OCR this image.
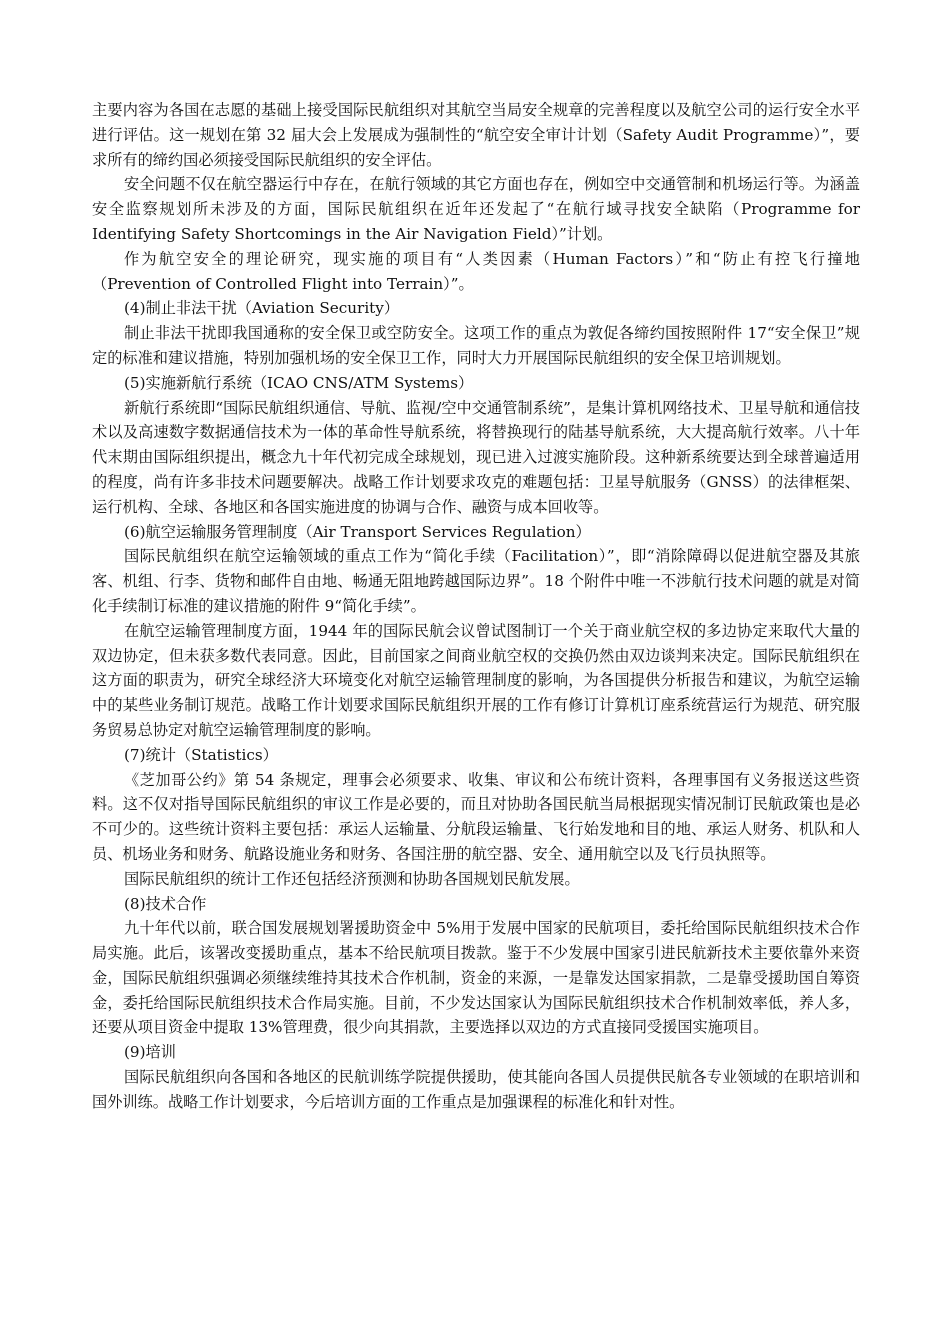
主要内容为各国在志愿的基础上接受国际民航组织对其航空当局安全规章的完善程度以及航空公司的运行安全水平进行评估。这一规划在第 32 届大会上发展成为强制性的“航空安全审计计划（Safety Audit Programme）”，要求所有的缔约国必须接受国际民航组织的安全评估。

安全问题不仅在航空器运行中存在，在航行领域的其它方面也存在，例如空中交通管制和机场运行等。为涵盖安全监察规划所未涉及的方面，国际民航组织在近年还发起了“在航行域寻找安全缺陷（Programme for Identifying Safety Shortcomings in the Air Navigation Field）”计划。

作为航空安全的理论研究，现实施的项目有“人类因素（Human Factors）”和“防止有控飞行撞地（Prevention of Controlled Flight into Terrain）”。

(4)制止非法干扰（Aviation Security）

制止非法干扰即我国通称的安全保卫或空防安全。这项工作的重点为敦促各缔约国按照附件 17“安全保卫”规定的标准和建议措施，特别加强机场的安全保卫工作，同时大力开展国际民航组织的安全保卫培训规划。

(5)实施新航行系统（ICAO CNS/ATM Systems）

新航行系统即“国际民航组织通信、导航、监视/空中交通管制系统”，是集计算机网络技术、卫星导航和通信技术以及高速数字数据通信技术为一体的革命性导航系统，将替换现行的陆基导航系统，大大提高航行效率。八十年代末期由国际组织提出，概念九十年代初完成全球规划，现已进入过渡实施阶段。这种新系统要达到全球普遍适用的程度，尚有许多非技术问题要解决。战略工作计划要求攻克的难题包括：卫星导航服务（GNSS）的法律框架、运行机构、全球、各地区和各国实施进度的协调与合作、融资与成本回收等。

(6)航空运输服务管理制度（Air Transport Services Regulation）

国际民航组织在航空运输领域的重点工作为“简化手续（Facilitation）”，即“消除障碍以促进航空器及其旅客、机组、行李、货物和邮件自由地、畅通无阻地跨越国际边界”。18 个附件中唯一不涉航行技术问题的就是对简化手续制订标准的建议措施的附件 9“简化手续”。

在航空运输管理制度方面，1944 年的国际民航会议曾试图制订一个关于商业航空权的多边协定来取代大量的双边协定，但未获多数代表同意。因此，目前国家之间商业航空权的交换仍然由双边谈判来决定。国际民航组织在这方面的职责为，研究全球经济大环境变化对航空运输管理制度的影响，为各国提供分析报告和建议，为航空运输中的某些业务制订规范。战略工作计划要求国际民航组织开展的工作有修订计算机订座系统营运行为规范、研究服务贸易总协定对航空运输管理制度的影响。

(7)统计（Statistics）

《芝加哥公约》第 54 条规定，理事会必须要求、收集、审议和公布统计资料，各理事国有义务报送这些资料。这不仅对指导国际民航组织的审议工作是必要的，而且对协助各国民航当局根据现实情况制订民航政策也是必不可少的。这些统计资料主要包括：承运人运输量、分航段运输量、飞行始发地和目的地、承运人财务、机队和人员、机场业务和财务、航路设施业务和财务、各国注册的航空器、安全、通用航空以及飞行员执照等。

国际民航组织的统计工作还包括经济预测和协助各国规划民航发展。

(8)技术合作

九十年代以前，联合国发展规划署援助资金中 5%用于发展中国家的民航项目，委托给国际民航组织技术合作局实施。此后，该署改变援助重点，基本不给民航项目拨款。鉴于不少发展中国家引进民航新技术主要依靠外来资金，国际民航组织强调必须继续维持其技术合作机制，资金的来源，一是靠发达国家捐款，二是靠受援助国自筹资金，委托给国际民航组织技术合作局实施。目前，不少发达国家认为国际民航组织技术合作机制效率低，养人多，还要从项目资金中提取 13%管理费，很少向其捐款，主要选择以双边的方式直接同受援国实施项目。

(9)培训

国际民航组织向各国和各地区的民航训练学院提供援助，使其能向各国人员提供民航各专业领域的在职培训和国外训练。战略工作计划要求，今后培训方面的工作重点是加强课程的标准化和针对性。
